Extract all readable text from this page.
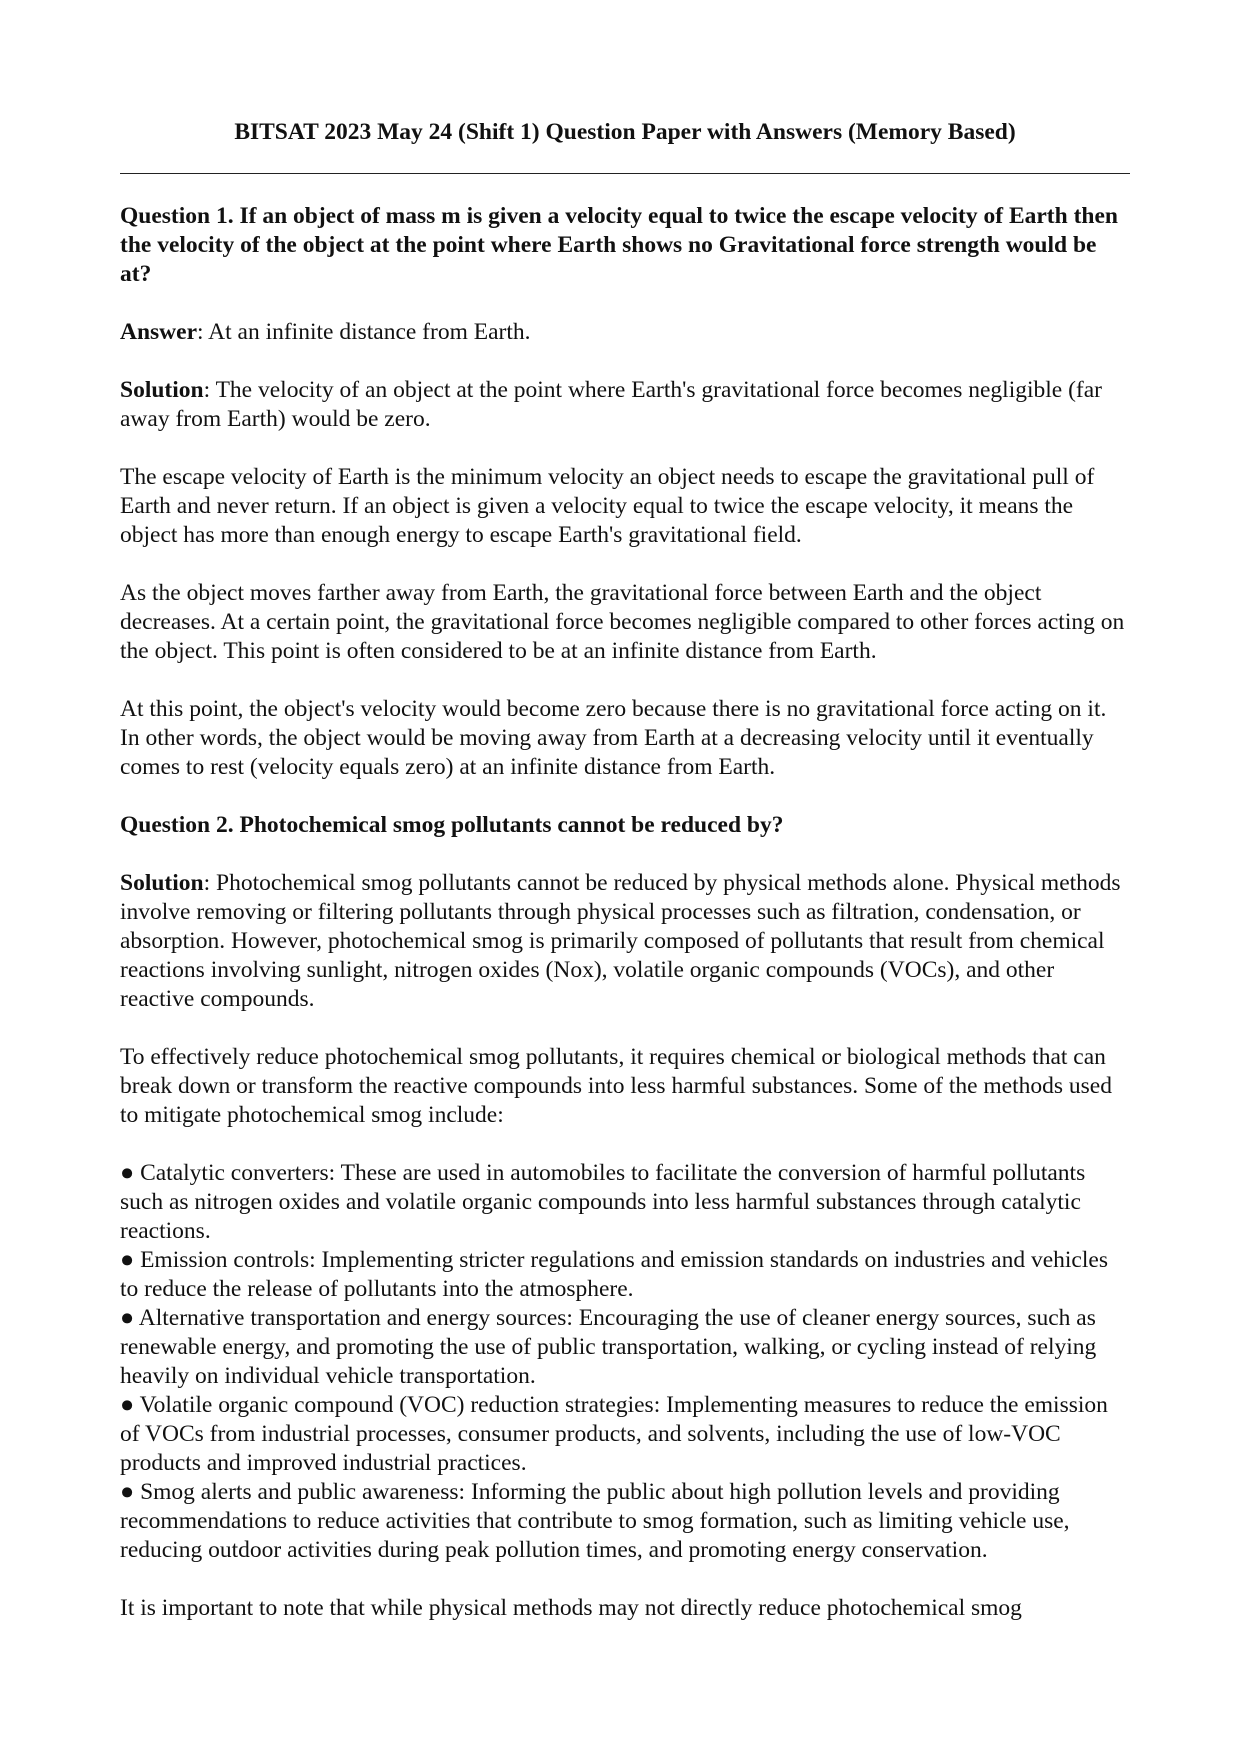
BITSAT 2023 May 24 (Shift 1) Question Paper with Answers (Memory Based)

Question 1. If an object of mass m is given a velocity equal to twice the escape velocity of Earth then the velocity of the object at the point where Earth shows no Gravitational force strength would be at?

Answer: At an infinite distance from Earth.

Solution: The velocity of an object at the point where Earth's gravitational force becomes negligible (far away from Earth) would be zero.

The escape velocity of Earth is the minimum velocity an object needs to escape the gravitational pull of Earth and never return. If an object is given a velocity equal to twice the escape velocity, it means the object has more than enough energy to escape Earth's gravitational field.

As the object moves farther away from Earth, the gravitational force between Earth and the object decreases. At a certain point, the gravitational force becomes negligible compared to other forces acting on the object. This point is often considered to be at an infinite distance from Earth.

At this point, the object's velocity would become zero because there is no gravitational force acting on it. In other words, the object would be moving away from Earth at a decreasing velocity until it eventually comes to rest (velocity equals zero) at an infinite distance from Earth.

Question 2. Photochemical smog pollutants cannot be reduced by?

Solution: Photochemical smog pollutants cannot be reduced by physical methods alone. Physical methods involve removing or filtering pollutants through physical processes such as filtration, condensation, or absorption. However, photochemical smog is primarily composed of pollutants that result from chemical reactions involving sunlight, nitrogen oxides (Nox), volatile organic compounds (VOCs), and other reactive compounds.

To effectively reduce photochemical smog pollutants, it requires chemical or biological methods that can break down or transform the reactive compounds into less harmful substances. Some of the methods used to mitigate photochemical smog include:

● Catalytic converters: These are used in automobiles to facilitate the conversion of harmful pollutants such as nitrogen oxides and volatile organic compounds into less harmful substances through catalytic reactions.
● Emission controls: Implementing stricter regulations and emission standards on industries and vehicles to reduce the release of pollutants into the atmosphere.
● Alternative transportation and energy sources: Encouraging the use of cleaner energy sources, such as renewable energy, and promoting the use of public transportation, walking, or cycling instead of relying heavily on individual vehicle transportation.
● Volatile organic compound (VOC) reduction strategies: Implementing measures to reduce the emission of VOCs from industrial processes, consumer products, and solvents, including the use of low-VOC products and improved industrial practices.
● Smog alerts and public awareness: Informing the public about high pollution levels and providing recommendations to reduce activities that contribute to smog formation, such as limiting vehicle use, reducing outdoor activities during peak pollution times, and promoting energy conservation.

It is important to note that while physical methods may not directly reduce photochemical smog
